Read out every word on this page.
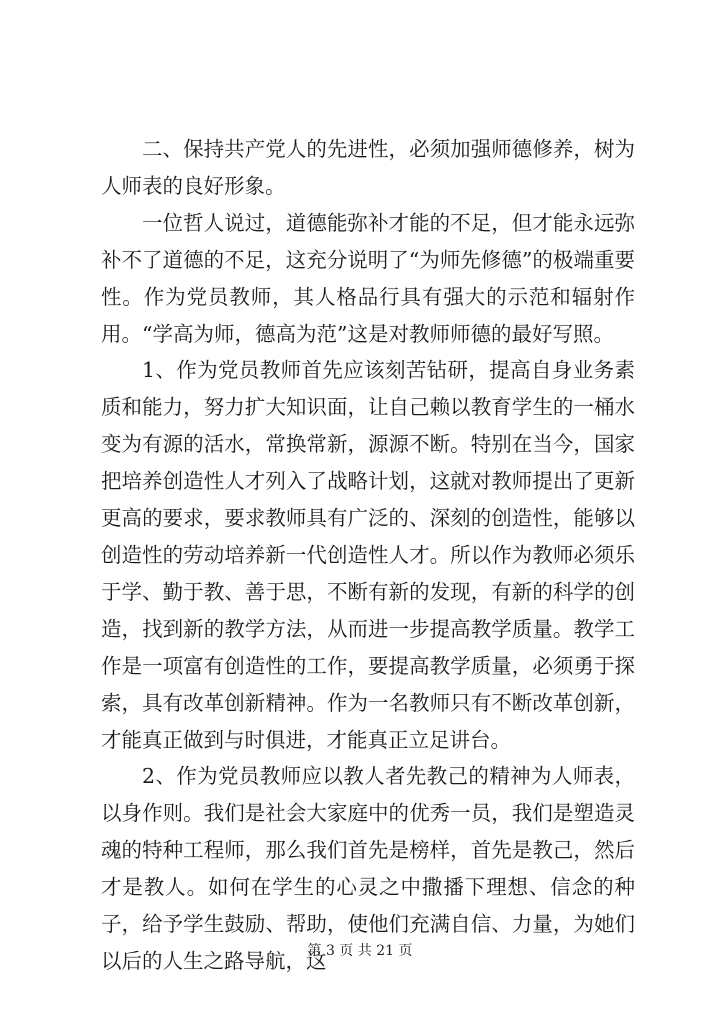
二、保持共产党人的先进性，必须加强师德修养，树为人师表的良好形象。

一位哲人说过，道德能弥补才能的不足，但才能永远弥补不了道德的不足，这充分说明了“为师先修德”的极端重要性。作为党员教师，其人格品行具有强大的示范和辐射作用。“学高为师，德高为范”这是对教师师德的最好写照。

1、作为党员教师首先应该刻苦钻研，提高自身业务素质和能力，努力扩大知识面，让自己赖以教育学生的一桶水变为有源的活水，常换常新，源源不断。特别在当今，国家把培养创造性人才列入了战略计划，这就对教师提出了更新更高的要求，要求教师具有广泛的、深刻的创造性，能够以创造性的劳动培养新一代创造性人才。所以作为教师必须乐于学、勤于教、善于思，不断有新的发现，有新的科学的创造，找到新的教学方法，从而进一步提高教学质量。教学工作是一项富有创造性的工作，要提高教学质量，必须勇于探索，具有改革创新精神。作为一名教师只有不断改革创新，才能真正做到与时俱进，才能真正立足讲台。

2、作为党员教师应以教人者先教己的精神为人师表，以身作则。我们是社会大家庭中的优秀一员，我们是塑造灵魂的特种工程师，那么我们首先是榜样，首先是教己，然后才是教人。如何在学生的心灵之中撒播下理想、信念的种子，给予学生鼓励、帮助，使他们充满自信、力量，为她们以后的人生之路导航，这

第 3 页 共 21 页
